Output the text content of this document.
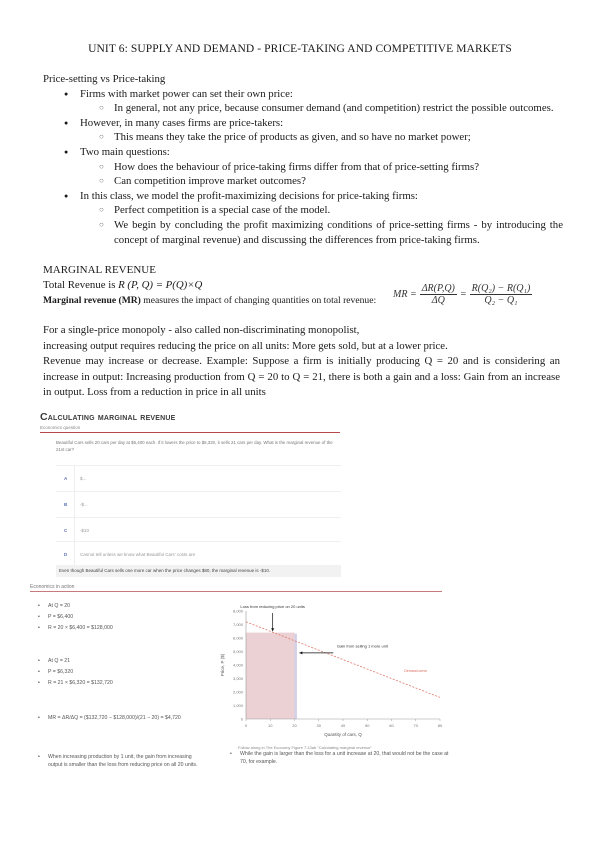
UNIT 6: SUPPLY AND DEMAND - PRICE-TAKING AND COMPETITIVE MARKETS
Price-setting vs Price-taking
● Firms with market power can set their own price:
○ In general, not any price, because consumer demand (and competition) restrict the possible outcomes.
● However, in many cases firms are price-takers:
○ This means they take the price of products as given, and so have no market power;
● Two main questions:
○ How does the behaviour of price-taking firms differ from that of price-setting firms?
○ Can competition improve market outcomes?
● In this class, we model the profit-maximizing decisions for price-taking firms:
○ Perfect competition is a special case of the model.
○ We begin by concluding the profit maximizing conditions of price-setting firms - by introducing the concept of marginal revenue) and discussing the differences from price-taking firms.
MARGINAL REVENUE
Total Revenue is R (P, Q) = P(Q)×Q
Marginal revenue (MR) measures the impact of changing quantities on total revenue:
MR = $\frac{\Delta R(P,Q)}{\Delta Q} = \frac{\text{R(Q₂) − R(Q₁)}}{\text{Q₂ − Q₁}}$
For a single-price monopoly - also called non-discriminating monopolist,
increasing output requires reducing the price on all units: More gets sold, but at a lower price.
Revenue may increase or decrease. Example: Suppose a firm is initially producing Q = 20 and is considering an increase in output: Increasing production from Q = 20 to Q = 21, there is both a gain and a loss: Gain from an increase in output. Loss from a reduction in price in all units
Calculating marginal revenue
Economics question
Beautiful Cars sells 20 cars per day at $6,400 each. If it lowers the price to $6,320, it sells 21 cars per day. What is the marginal revenue of the 21st car?
A	$...
B	-$...
C	-$10
D	Cannot tell unless we know what Beautiful Cars' costs are
Even though Beautiful Cars sells one more car when the price changes $80, the marginal revenue is -$10.
Economics in action
• At Q = 20
• P = $6,400
• R = 20 × $6,400 = $128,000
• At Q = 21
• P = $6,320
• R = 21 × $6,320 = $132,720
• MR = ΔR/ΔQ = ($132,720 − $128,000)/(21 − 20) = $4,720
• When increasing production by 1 unit, the gain from increasing output is smaller than the loss from reducing price on all 20 units.
0
1,000
2,000
3,000
4,000
5,000
6,000
7,000
8,000
0	10	20	30	40	50	60	70	80
Quantity of cars, Q
Price, P ($)
Loss from reducing price on 20 units
Gain from selling 1 more unit
Demand curve
Follow along in The Economy Figure 7.13ab "Calculating marginal revenue"
• While the gain is larger than the loss for a unit increase at 20, that would not be the case at 70, for example.
